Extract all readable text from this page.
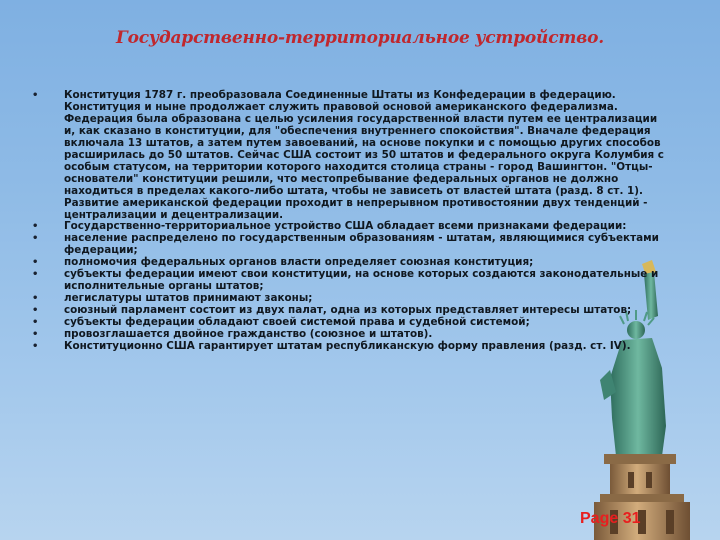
Государственно-территориальное устройство.
• Конституция 1787 г. преобразовала Соединенные Штаты из Конфедерации в федерацию. Конституция и ныне продолжает служить правовой основой американского федерализма. Федерация была образована с целью усиления государственной власти путем ее централизации и, как сказано в конституции, для "обеспечения внутреннего спокойствия". Вначале федерация включала 13 штатов, а затем путем завоеваний, на основе покупки и с помощью других способов расширилась до 50 штатов. Сейчас США состоит из 50 штатов и федерального округа Колумбия с особым статусом, на территории которого находится столица страны - город Вашингтон. "Отцы-основатели" конституции решили, что местопребывание федеральных органов не должно находиться в пределах какого-либо штата, чтобы не зависеть от властей штата (разд. 8 ст. 1). Развитие американской федерации проходит в непрерывном противостоянии двух тенденций - централизации и децентрализации.
• Государственно-территориальное устройство США обладает всеми признаками федерации:
• население распределено по государственным образованиям - штатам, являющимися субъектами федерации;
• полномочия федеральных органов власти определяет союзная конституция;
• субъекты федерации имеют свои конституции, на основе которых создаются законодательные и исполнительные органы штатов;
• легислатуры штатов принимают законы;
• союзный парламент состоит из двух палат, одна из которых представляет интересы штатов;
• субъекты федерации обладают своей системой права и судебной системой;
• провозглашается двойное гражданство (союзное и штатов).
• Конституционно США гарантирует штатам республиканскую форму правления (разд. ст. IV).
Page 31
